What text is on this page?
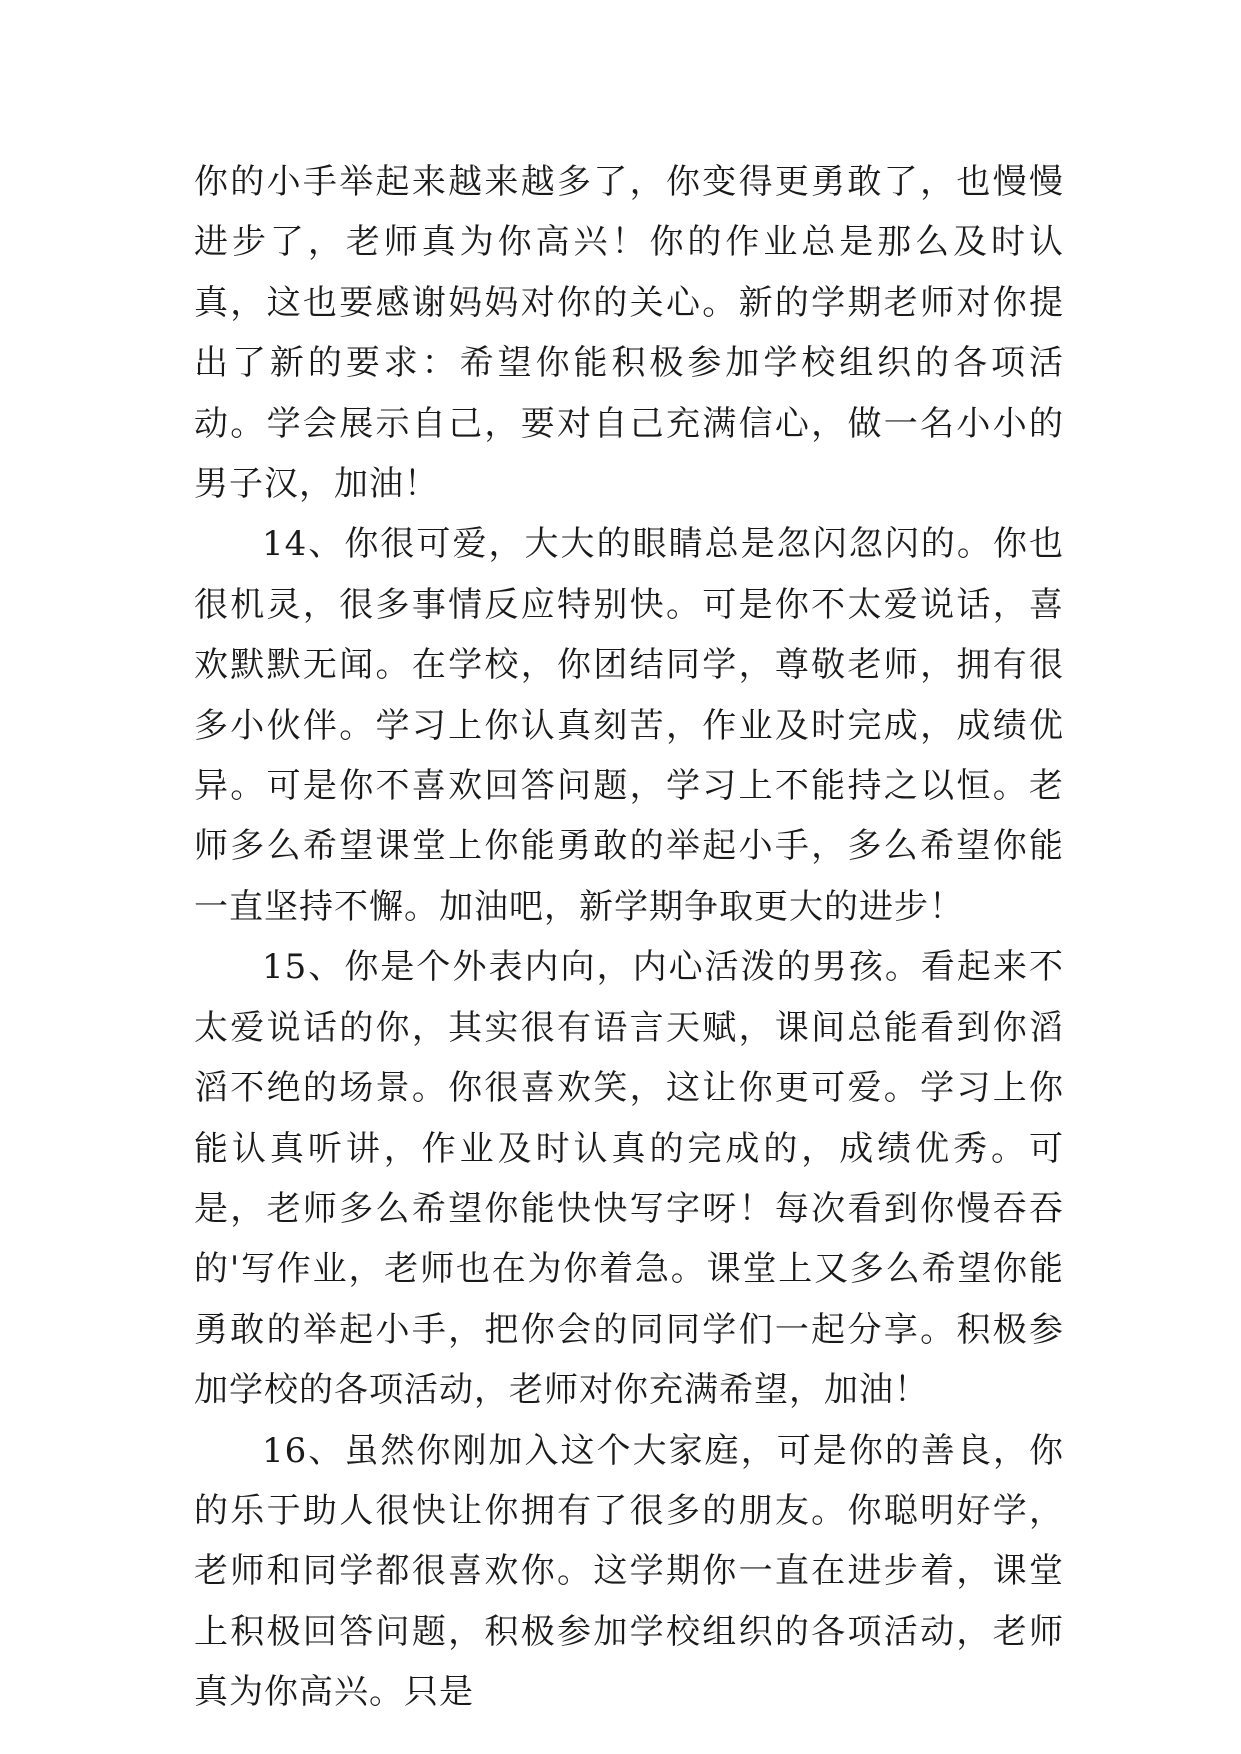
你的小手举起来越来越多了，你变得更勇敢了，也慢慢进步了，老师真为你高兴！你的作业总是那么及时认真，这也要感谢妈妈对你的关心。新的学期老师对你提出了新的要求：希望你能积极参加学校组织的各项活动。学会展示自己，要对自己充满信心，做一名小小的男子汉，加油！

14、你很可爱，大大的眼睛总是忽闪忽闪的。你也很机灵，很多事情反应特别快。可是你不太爱说话，喜欢默默无闻。在学校，你团结同学，尊敬老师，拥有很多小伙伴。学习上你认真刻苦，作业及时完成，成绩优异。可是你不喜欢回答问题，学习上不能持之以恒。老师多么希望课堂上你能勇敢的举起小手，多么希望你能一直坚持不懈。加油吧，新学期争取更大的进步！

15、你是个外表内向，内心活泼的男孩。看起来不太爱说话的你，其实很有语言天赋，课间总能看到你滔滔不绝的场景。你很喜欢笑，这让你更可爱。学习上你能认真听讲，作业及时认真的完成的，成绩优秀。可是，老师多么希望你能快快写字呀！每次看到你慢吞吞的'写作业，老师也在为你着急。课堂上又多么希望你能勇敢的举起小手，把你会的同同学们一起分享。积极参加学校的各项活动，老师对你充满希望，加油！

16、虽然你刚加入这个大家庭，可是你的善良，你的乐于助人很快让你拥有了很多的朋友。你聪明好学，老师和同学都很喜欢你。这学期你一直在进步着，课堂上积极回答问题，积极参加学校组织的各项活动，老师真为你高兴。只是
